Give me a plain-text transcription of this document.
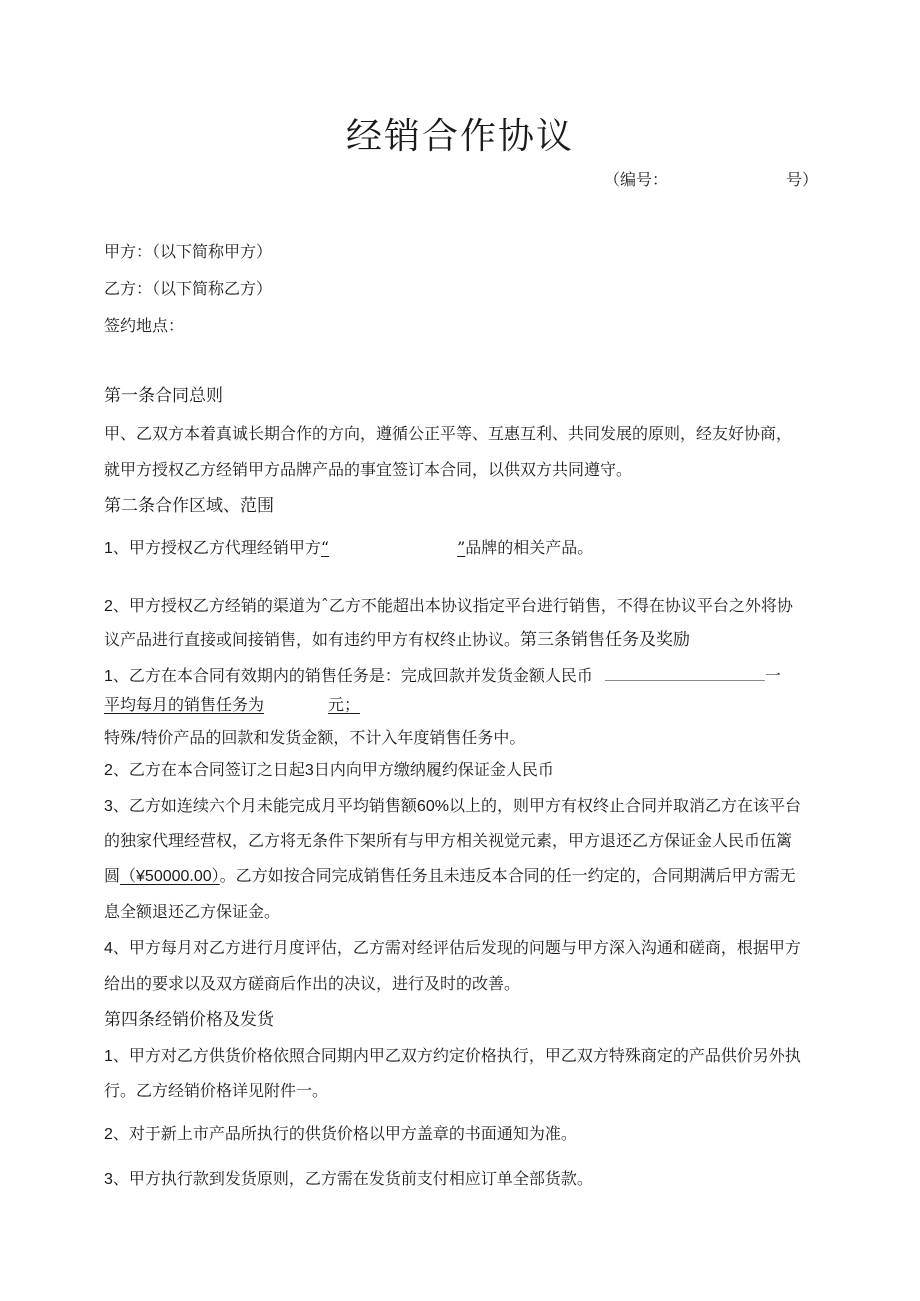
经销合作协议
（编号：	号）
甲方：（以下简称甲方）
乙方：（以下简称乙方）
签约地点：
第一条合同总则
甲、乙双方本着真诚长期合作的方向，遵循公正平等、互惠互利、共同发展的原则，经友好协商，
就甲方授权乙方经销甲方品牌产品的事宜签订本合同，以供双方共同遵守。
第二条合作区域、范围
1、甲方授权乙方代理经销甲方“	”品牌的相关产品。
2、甲方授权乙方经销的渠道为ˆ乙方不能超出本协议指定平台进行销售，不得在协议平台之外将协
议产品进行直接或间接销售，如有违约甲方有权终止协议。第三条销售任务及奖励
1、乙方在本合同有效期内的销售任务是：完成回款并发货金额人民币	一
平均每月的销售任务为	元；
特殊/特价产品的回款和发货金额，不计入年度销售任务中。
2、乙方在本合同签订之日起3日内向甲方缴纳履约保证金人民币
3、乙方如连续六个月未能完成月平均销售额60%以上的，则甲方有权终止合同并取消乙方在该平台
的独家代理经营权，乙方将无条件下架所有与甲方相关视觉元素，甲方退还乙方保证金人民币伍篱
圆（¥50000.00）。乙方如按合同完成销售任务且未违反本合同的任一约定的，合同期满后甲方需无
息全额退还乙方保证金。
4、甲方每月对乙方进行月度评估，乙方需对经评估后发现的问题与甲方深入沟通和磋商，根据甲方
给出的要求以及双方磋商后作出的决议，进行及时的改善。
第四条经销价格及发货
1、甲方对乙方供货价格依照合同期内甲乙双方约定价格执行，甲乙双方特殊商定的产品供价另外执
行。乙方经销价格详见附件一。
2、对于新上市产品所执行的供货价格以甲方盖章的书面通知为准。
3、甲方执行款到发货原则，乙方需在发货前支付相应订单全部货款。
